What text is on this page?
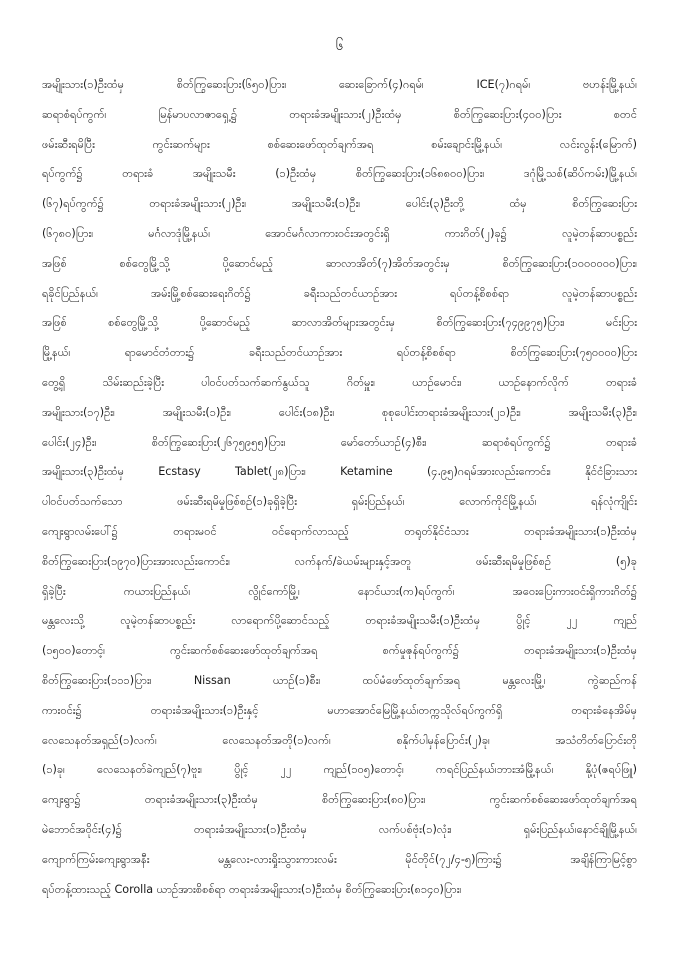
၆
အမျိုးသား(၁)ဦးထံမှ စိတ်ကြွဆေးပြား(၆၅၀)ပြား၊ ဆေးခြောက်(၄)ဂရမ်၊ ICE(၇)ဂရမ်၊ ဗဟန်းမြို့နယ်၊
ဆရာစံရပ်ကွက်၊ မြန်မာပလာဇာရှေ့၌ တရားခံအမျိုးသား(၂)ဦးထံမှ စိတ်ကြွဆေးပြား(၄၀၀)ပြား စတင်
ဖမ်းဆီးရမိပြီး ကွင်းဆက်များ စစ်ဆေးဖော်ထုတ်ချက်အရ စမ်းချောင်းမြို့နယ်၊ လင်းလွန်း(မြောက်)
ရပ်ကွက်၌ တရားခံ အမျိုးသမီး (၁)ဦးထံမှ စိတ်ကြွဆေးပြား(၁၆၈၈၀၀)ပြား၊ ဒဂုံမြို့သစ်(ဆိပ်ကမ်း)မြို့နယ်၊
(၆၇)ရပ်ကွက်၌ တရားခံအမျိုးသား(၂)ဦး၊ အမျိုးသမီး(၁)ဦး၊ ပေါင်း(၃)ဦးတို့ ထံမှ စိတ်ကြွဆေးပြား
(၆၇၈၀)ပြား၊ မင်္ဂလာဒုံမြို့နယ်၊ အောင်မင်္ဂလာကားဝင်းအတွင်းရှိ ကားဂိတ်(၂)ခု၌ လူမဲ့တန်ဆာပစ္စည်း
အဖြစ် စစ်တွေမြို့သို့ ပို့ဆောင်မည့် ဆာလာအိတ်(၇)အိတ်အတွင်းမှ စိတ်ကြွဆေးပြား(၁၀၀၀၀၀၀)ပြား၊
ရခိုင်ပြည်နယ်၊ အမ်းမြို့စစ်ဆေးရေးဂိတ်၌ ခရီးသည်တင်ယာဉ်အား ရပ်တန့်စိစစ်ရာ လူမဲ့တန်ဆာပစ္စည်း
အဖြစ် စစ်တွေမြို့သို့ ပို့ဆောင်မည့် ဆာလာအိတ်များအတွင်းမှ စိတ်ကြွဆေးပြား(၇၄၉၉၇၅)ပြား၊ မင်းပြား
မြို့နယ်၊ ရာမောင်တံတား၌ ခရီးသည်တင်ယာဉ်အား ရပ်တန့်စိစစ်ရာ စိတ်ကြွဆေးပြား(၇၅၀၀၀၀)ပြား
တွေ့ရှိ သိမ်းဆည်းခဲ့ပြီး ပါဝင်ပတ်သက်ဆက်နွယ်သူ ဂိတ်မှူး၊ ယာဉ်မောင်း၊ ယာဉ်နောက်လိုက် တရားခံ
အမျိုးသား(၁၇)ဦး၊ အမျိုးသမီး(၁)ဦး၊ ပေါင်း(၁၈)ဦး၊ စုစုပေါင်းတရားခံအမျိုးသား(၂၁)ဦး၊ အမျိုးသမီး(၃)ဦး၊
ပေါင်း(၂၄)ဦး၊ စိတ်ကြွဆေးပြား(၂၆၇၅၉၅၅)ပြား၊ မော်တော်ယာဉ်(၄)စီး၊ ဆရာစံရပ်ကွက်၌ တရားခံ
အမျိုးသား(၃)ဦးထံမှ Ecstasy Tablet(၂၈)ပြား၊ Ketamine (၄.၉၅)ဂရမ်အားလည်းကောင်း၊ နိုင်ငံခြားသား
ပါဝင်ပတ်သက်သော ဖမ်းဆီးရမိမှုဖြစ်စဉ်(၁)ခုရှိခဲ့ပြီး ရှမ်းပြည်နယ်၊ လောက်ကိုင်မြို့နယ်၊ ရန်လုံကျိုင်း
ကျေးရွာလမ်းပေါ်၌ တရားမဝင် ဝင်ရောက်လာသည့် တရုတ်နိုင်ငံသား တရားခံအမျိုးသား(၁)ဦးထံမှ
စိတ်ကြွဆေးပြား(၁၉၇၀)ပြားအားလည်းကောင်း၊ လက်နက်/ခဲယမ်းများနှင့်အတူ ဖမ်းဆီးရမိမှုဖြစ်စဉ် (၅)ခု
ရှိခဲ့ပြီး ကယားပြည်နယ်၊ လွိုင်ကော်မြို့၊ နောင်ယား(က)ရပ်ကွက်၊ အဝေးပြေးကားဝင်းရှိကားဂိတ်၌
မန္တလေးသို့ လူမဲ့တန်ဆာပစ္စည်း လာရောက်ပို့ဆောင်သည့် တရားခံအမျိုးသမီး(၁)ဦးထံမှ ပွိုင့် ၂၂ ကျည်
(၁၅၀၀)တောင့်၊ ကွင်းဆက်စစ်ဆေးဖော်ထုတ်ချက်အရ စက်မှုဇုန်ရပ်ကွက်၌ တရားခံအမျိုးသား(၁)ဦးထံမှ
စိတ်ကြွဆေးပြား(၁၁၁)ပြား၊ Nissan ယာဉ်(၁)စီး၊ ထပ်မံဖော်ထုတ်ချက်အရ မန္တလေးမြို့၊ ကွဲဆည်ကန်
ကားဝင်း၌ တရားခံအမျိုးသား(၁)ဦးနှင့် မဟာအောင်မြေမြို့နယ်၊တက္ကသိုလ်ရပ်ကွက်ရှိ တရားခံနေအိမ်မှ
လေသေနတ်အရှည်(၁)လက်၊ လေသေနတ်အတို(၁)လက်၊ စနိုက်ပါမှန်ပြောင်း(၂)ခု၊ အသံတိတ်ပြောင်းတို
(၁)ခု၊ လေသေနတ်ခဲကျည်(၇)ဗူး၊ ပွိုင့် ၂၂ ကျည်(၁၀၅)တောင့်၊ ကရင်ပြည်နယ်၊ဘားအံမြို့နယ်၊ နို့ပုံ(ဇရပ်ဖြူ)
ကျေးရွာ၌ တရားခံအမျိုးသား(၃)ဦးထံမှ စိတ်ကြွဆေးပြား(၈၀)ပြား၊ ကွင်းဆက်စစ်ဆေးဖော်ထုတ်ချက်အရ
မဲဘောင်အဝိုင်း(၄)၌ တရားခံအမျိုးသား(၁)ဦးထံမှ လက်ပစ်ဗုံး(၁)လုံး၊ ရှမ်းပြည်နယ်၊နောင်ချိုမြို့နယ်၊
ကျောက်ကြမ်းကျေးရွာအနီး မန္တလေး-လားရှိုးသွားကားလမ်း မိုင်တိုင်(၇၂/၄-၅)ကြား၌ အချိန်ကြာမြင့်စွာ
ရပ်တန့်ထားသည့် Corolla ယာဉ်အားစိစစ်ရာ တရားခံအမျိုးသား(၁)ဦးထံမှ စိတ်ကြွဆေးပြား(၈၁၄၀)ပြား၊
